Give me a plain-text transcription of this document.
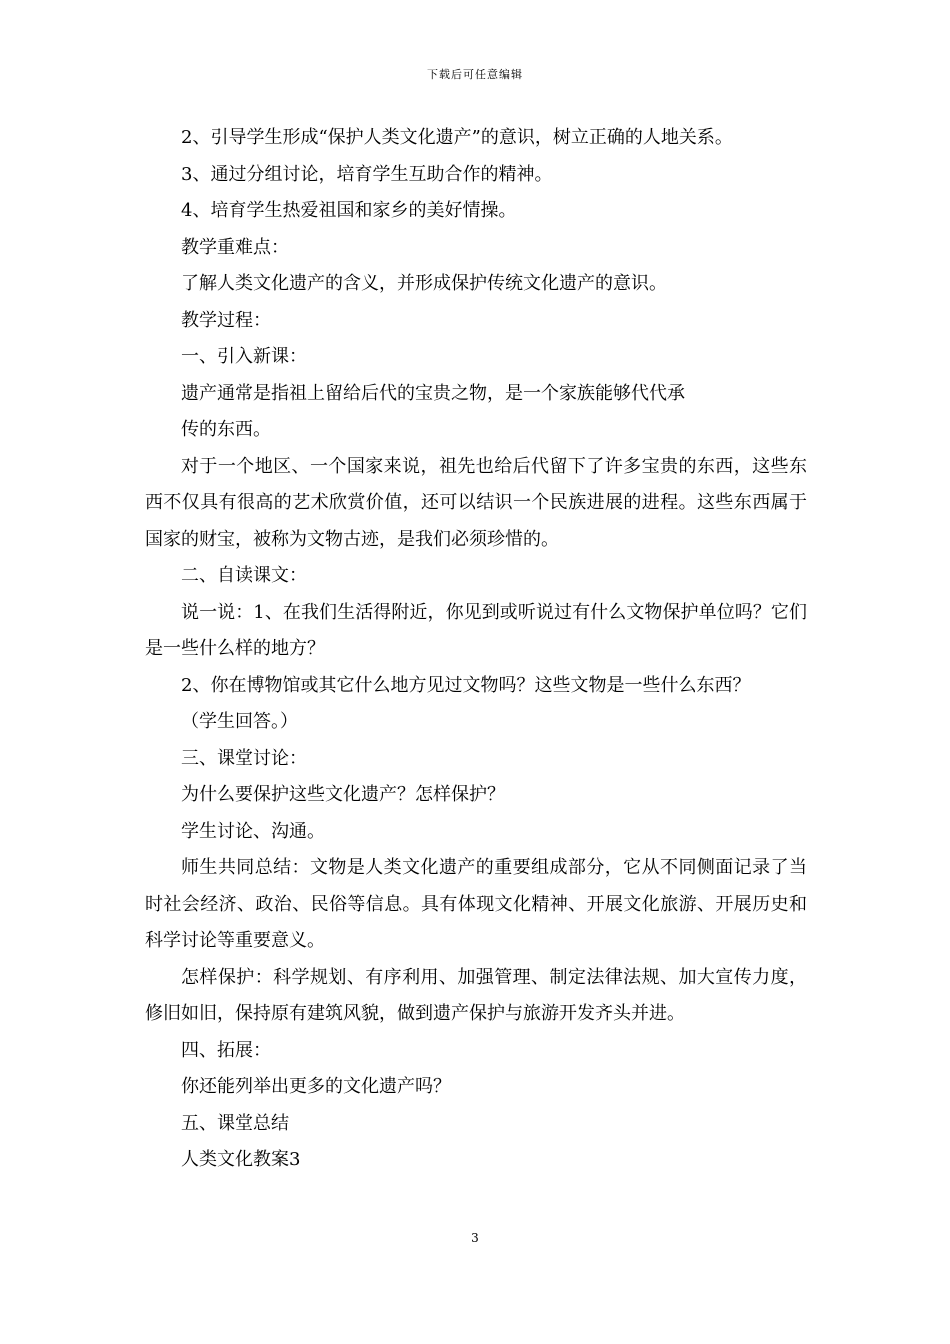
下载后可任意编辑

2、引导学生形成“保护人类文化遗产”的意识，树立正确的人地关系。

3、通过分组讨论，培育学生互助合作的精神。

4、培育学生热爱祖国和家乡的美好情操。

教学重难点：

了解人类文化遗产的含义，并形成保护传统文化遗产的意识。

教学过程：

一、引入新课：

遗产通常是指祖上留给后代的宝贵之物，是一个家族能够代代承

传的东西。

对于一个地区、一个国家来说，祖先也给后代留下了许多宝贵的东西，这些东西不仅具有很高的艺术欣赏价值，还可以结识一个民族进展的进程。这些东西属于国家的财宝，被称为文物古迹，是我们必须珍惜的。

二、自读课文：

说一说：1、在我们生活得附近，你见到或听说过有什么文物保护单位吗？它们是一些什么样的地方？

2、你在博物馆或其它什么地方见过文物吗？这些文物是一些什么东西？

（学生回答。）

三、课堂讨论：

为什么要保护这些文化遗产？怎样保护？

学生讨论、沟通。

师生共同总结：文物是人类文化遗产的重要组成部分，它从不同侧面记录了当时社会经济、政治、民俗等信息。具有体现文化精神、开展文化旅游、开展历史和科学讨论等重要意义。

怎样保护：科学规划、有序利用、加强管理、制定法律法规、加大宣传力度，修旧如旧，保持原有建筑风貌，做到遗产保护与旅游开发齐头并进。

四、拓展：

你还能列举出更多的文化遗产吗？

五、课堂总结

人类文化教案3

3
